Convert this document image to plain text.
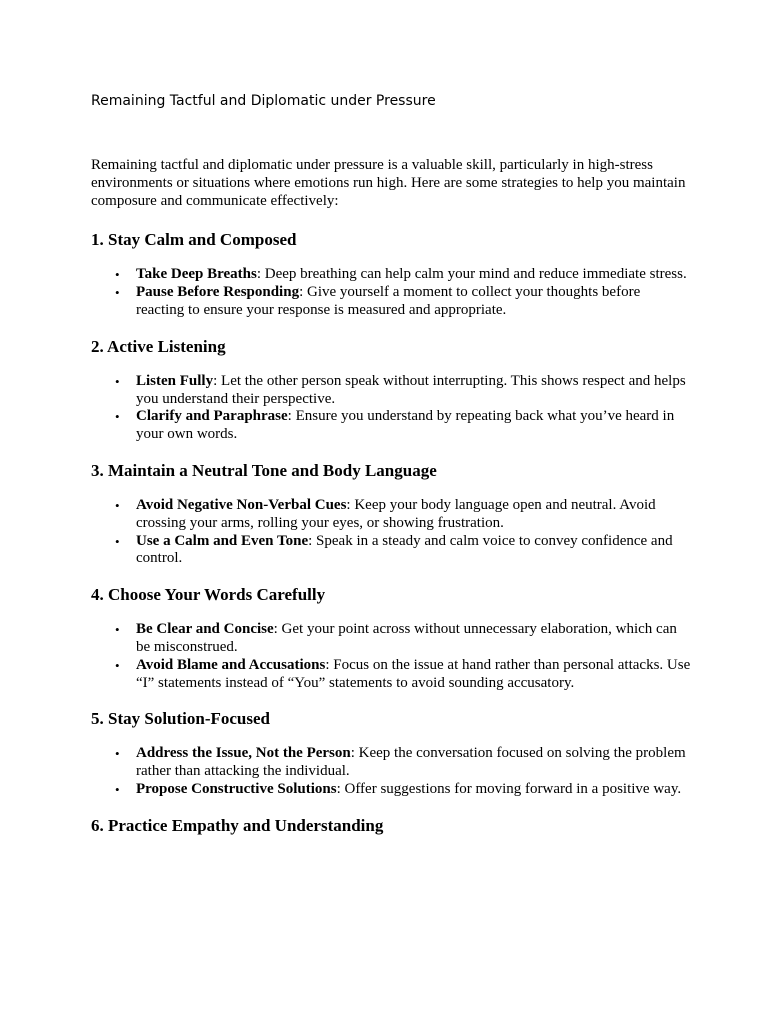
Remaining Tactful and Diplomatic under Pressure

Remaining tactful and diplomatic under pressure is a valuable skill, particularly in high-stress environments or situations where emotions run high. Here are some strategies to help you maintain composure and communicate effectively:

1. Stay Calm and Composed
• Take Deep Breaths: Deep breathing can help calm your mind and reduce immediate stress.
• Pause Before Responding: Give yourself a moment to collect your thoughts before reacting to ensure your response is measured and appropriate.
2. Active Listening
• Listen Fully: Let the other person speak without interrupting. This shows respect and helps you understand their perspective.
• Clarify and Paraphrase: Ensure you understand by repeating back what you’ve heard in your own words.
3. Maintain a Neutral Tone and Body Language
• Avoid Negative Non-Verbal Cues: Keep your body language open and neutral. Avoid crossing your arms, rolling your eyes, or showing frustration.
• Use a Calm and Even Tone: Speak in a steady and calm voice to convey confidence and control.
4. Choose Your Words Carefully
• Be Clear and Concise: Get your point across without unnecessary elaboration, which can be misconstrued.
• Avoid Blame and Accusations: Focus on the issue at hand rather than personal attacks. Use “I” statements instead of “You” statements to avoid sounding accusatory.
5. Stay Solution-Focused
• Address the Issue, Not the Person: Keep the conversation focused on solving the problem rather than attacking the individual.
• Propose Constructive Solutions: Offer suggestions for moving forward in a positive way.
6. Practice Empathy and Understanding
